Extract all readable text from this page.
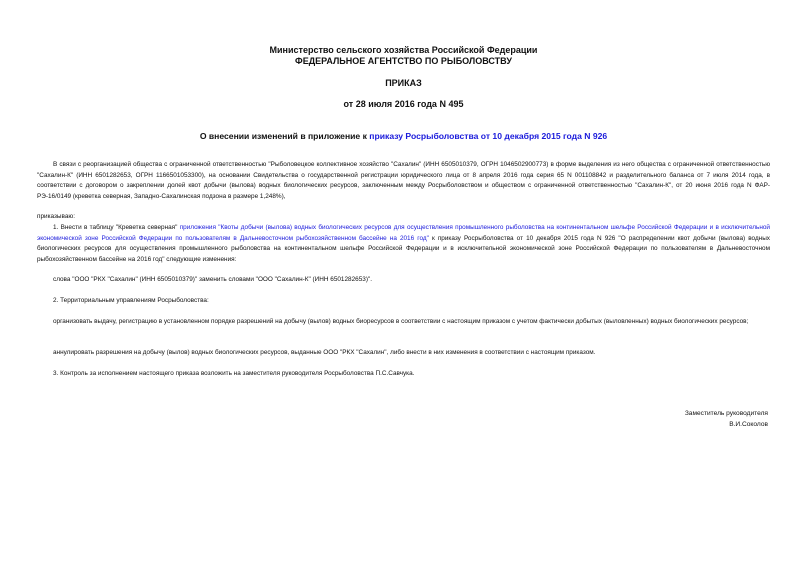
Министерство сельского хозяйства Российской Федерации

ФЕДЕРАЛЬНОЕ АГЕНТСТВО ПО РЫБОЛОВСТВУ

ПРИКАЗ

от 28 июля 2016 года N 495

О внесении изменений в приложение к приказу Росрыболовства от 10 декабря 2015 года N 926

В связи с реорганизацией общества с ограниченной ответственностью "Рыболовецкое коллективное хозяйство "Сахалин" (ИНН 6505010379, ОГРН 1046502900773) в форме выделения из него общества с ограниченной ответственностью "Сахалин-К" (ИНН 6501282653, ОГРН 1166501053300), на основании Свидетельства о государственной регистрации юридического лица от 8 апреля 2016 года серия 65 N 001108842 и разделительного баланса от 7 июля 2014 года, в соответствии с договором о закреплении долей квот добычи (вылова) водных биологических ресурсов, заключенным между Росрыболовством и обществом с ограниченной ответственностью "Сахалин-К", от 20 июня 2016 года N ФАР-РЭ-16/0149 (креветка северная, Западно-Сахалинская подзона в размере 1,248%),

приказываю:

1. Внести в таблицу "Креветка северная" приложения "Квоты добычи (вылова) водных биологических ресурсов для осуществления промышленного рыболовства на континентальном шельфе Российской Федерации и в исключительной экономической зоне Российской Федерации по пользователям в Дальневосточном рыбохозяйственном бассейне на 2016 год" к приказу Росрыболовства от 10 декабря 2015 года N 926 "О распределении квот добычи (вылова) водных биологических ресурсов для осуществления промышленного рыболовства на континентальном шельфе Российской Федерации и в исключительной экономической зоне Российской Федерации по пользователям в Дальневосточном рыбохозяйственном бассейне на 2016 год" следующие изменения:

слова "ООО "РКХ "Сахалин" (ИНН 6505010379)" заменить словами "ООО "Сахалин-К" (ИНН 6501282653)".

2. Территориальным управлениям Росрыболовства:

организовать выдачу, регистрацию в установленном порядке разрешений на добычу (вылов) водных биоресурсов в соответствии с настоящим приказом с учетом фактически добытых (выловленных) водных биологических ресурсов;

аннулировать разрешения на добычу (вылов) водных биологических ресурсов, выданные ООО "РКХ "Сахалин", либо внести в них изменения в соответствии с настоящим приказом.

3. Контроль за исполнением настоящего приказа возложить на заместителя руководителя Росрыболовства П.С.Савчука.

Заместитель руководителя

В.И.Соколов
